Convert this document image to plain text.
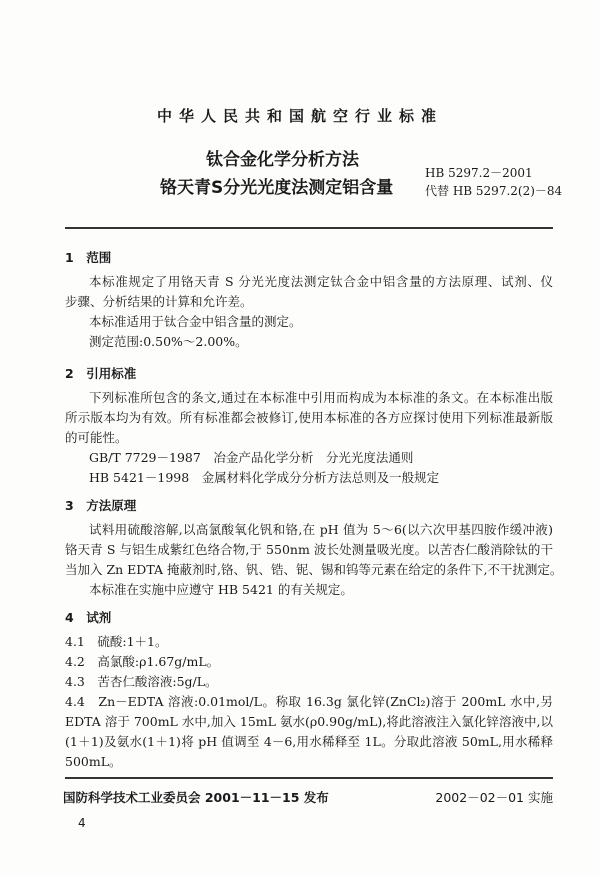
中华人民共和国航空行业标准
钛合金化学分析方法
铬天青S分光光度法测定铝含量
HB 5297.2－2001
代替 HB 5297.2(2)－84
1　范围
本标准规定了用铬天青 S 分光光度法测定钛合金中铝含量的方法原理、试剂、仪
步骤、分析结果的计算和允许差。
本标准适用于钛合金中铝含量的测定。
测定范围:0.50%～2.00%。
2　引用标准
下列标准所包含的条文,通过在本标准中引用而构成为本标准的条文。在本标准出版
所示版本均为有效。所有标准都会被修订,使用本标准的各方应探讨使用下列标准最新版
的可能性。
GB/T 7729－1987　冶金产品化学分析　分光光度法通则
HB 5421－1998　金属材料化学成分分析方法总则及一般规定
3　方法原理
试料用硫酸溶解,以高氯酸氧化钒和铬,在 pH 值为 5～6(以六次甲基四胺作缓冲液)
铬天青 S 与铝生成紫红色络合物,于 550nm 波长处测量吸光度。以苦杏仁酸消除钛的干
当加入 Zn EDTA 掩蔽剂时,铬、钒、锆、铌、锡和钨等元素在给定的条件下,不干扰测定。
本标准在实施中应遵守 HB 5421 的有关规定。
4　试剂
4.1　硫酸:1＋1。
4.2　高氯酸:ρ1.67g/mL。
4.3　苦杏仁酸溶液:5g/L。
4.4　Zn－EDTA 溶液:0.01mol/L。称取 16.3g 氯化锌(ZnCl₂)溶于 200mL 水中,另
EDTA 溶于 700mL 水中,加入 15mL 氨水(ρ0.90g/mL),将此溶液注入氯化锌溶液中,以
(1＋1)及氨水(1＋1)将 pH 值调至 4－6,用水稀释至 1L。分取此溶液 50mL,用水稀释
500mL。
国防科学技术工业委员会 2001－11－15 发布	2002－02－01 实施
4
